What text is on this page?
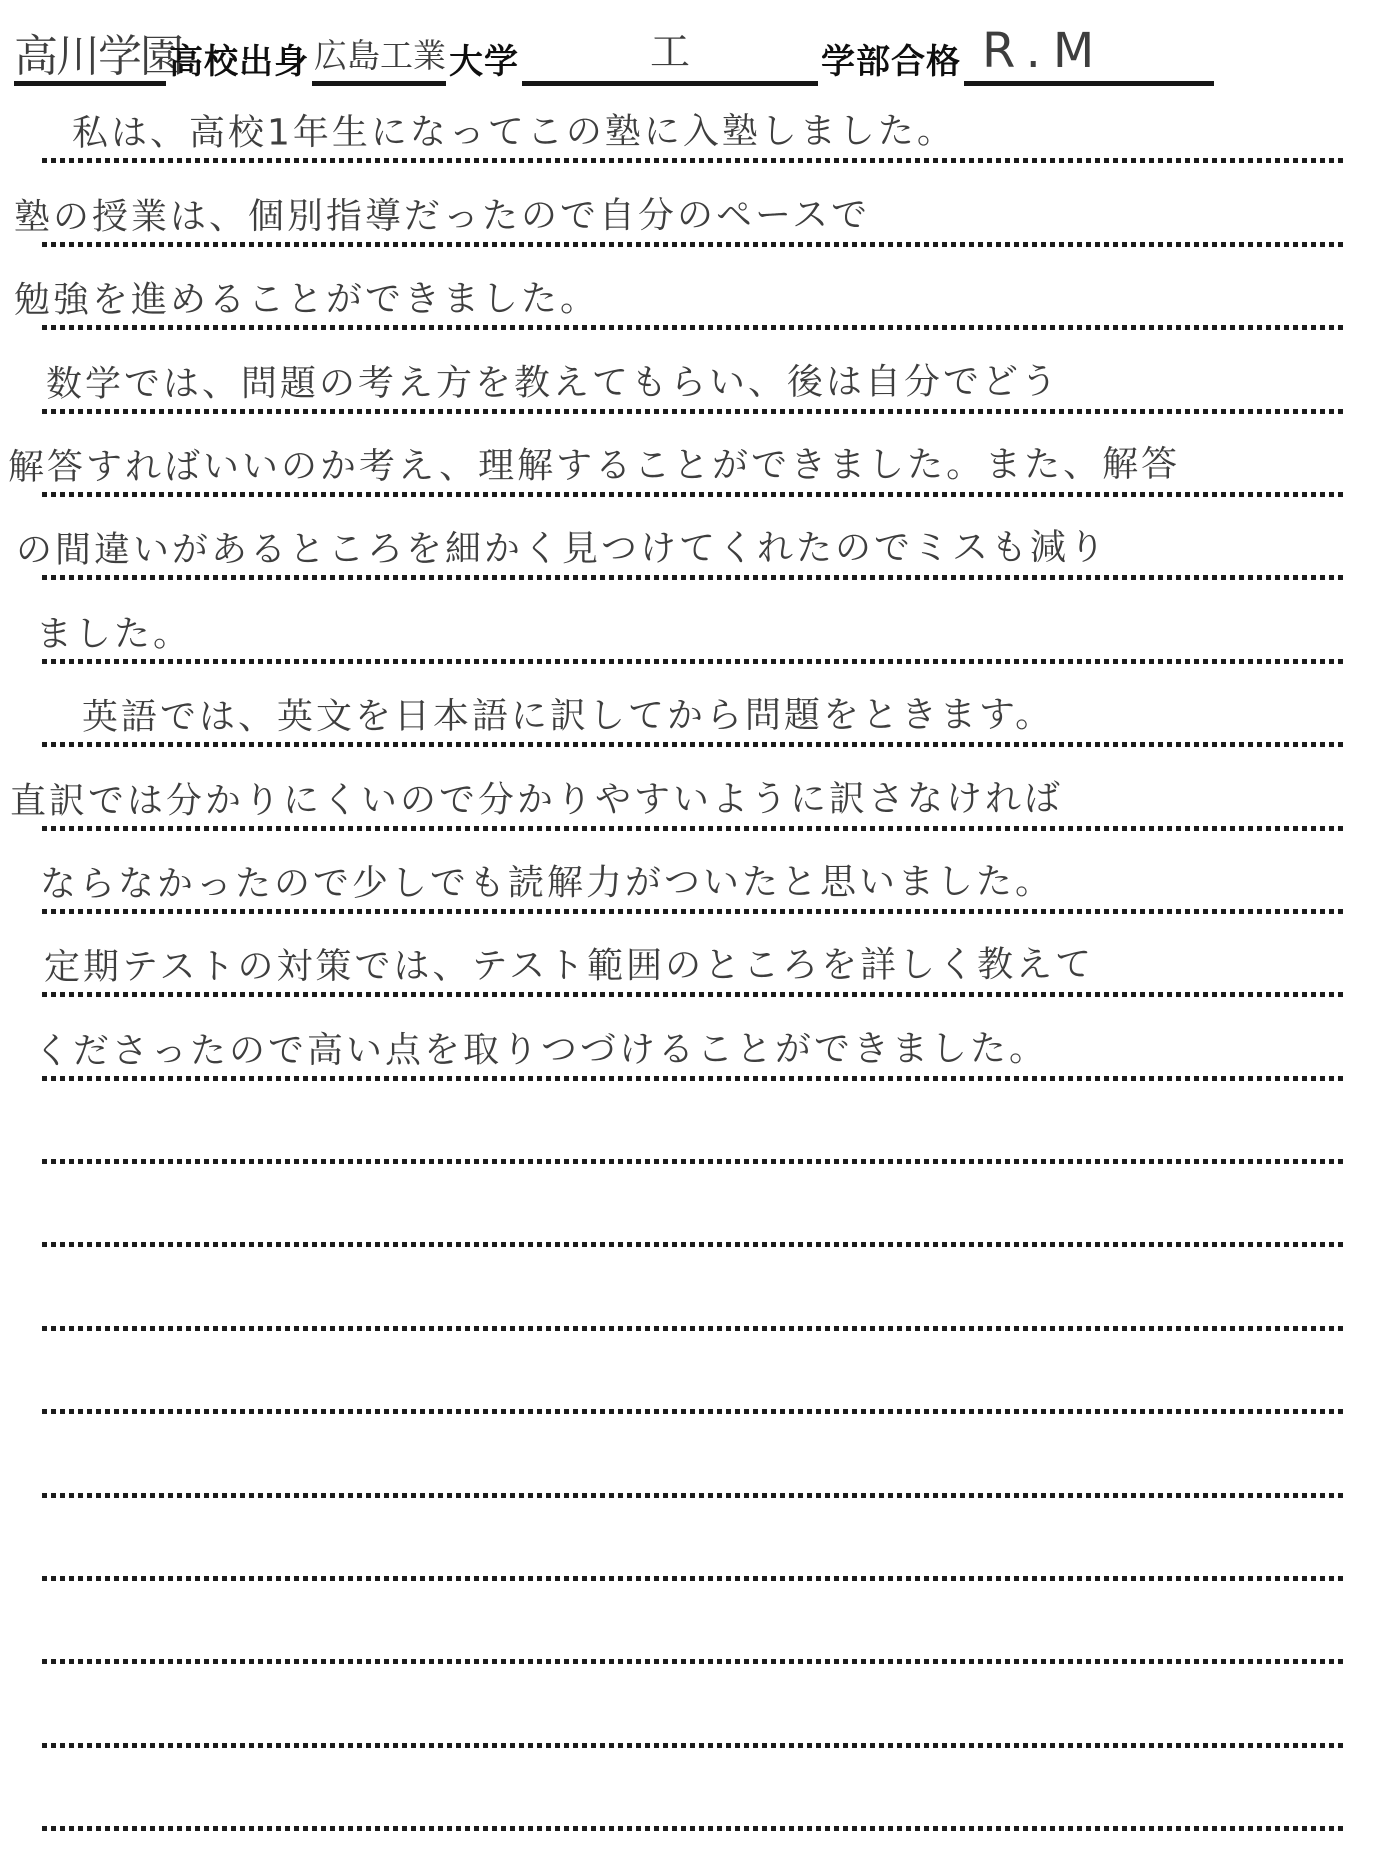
高川学園
高校出身 広島工業 大学	工	学部合格 R.M
私は、高校1年生になってこの塾に入塾しました。
塾の授業は、個別指導だったので自分のペースで
勉強を進めることができました。
数学では、問題の考え方を教えてもらい、後は自分でどう
解答すればいいのか考え、理解することができました。また、解答
の間違いがあるところを細かく見つけてくれたのでミスも減り
ました。
英語では、英文を日本語に訳してから問題をときます。
直訳では分かりにくいので分かりやすいように訳さなければ
ならなかったので少しでも読解力がついたと思いました。
定期テストの対策では、テスト範囲のところを詳しく教えて
くださったので高い点を取りつづけることができました。
